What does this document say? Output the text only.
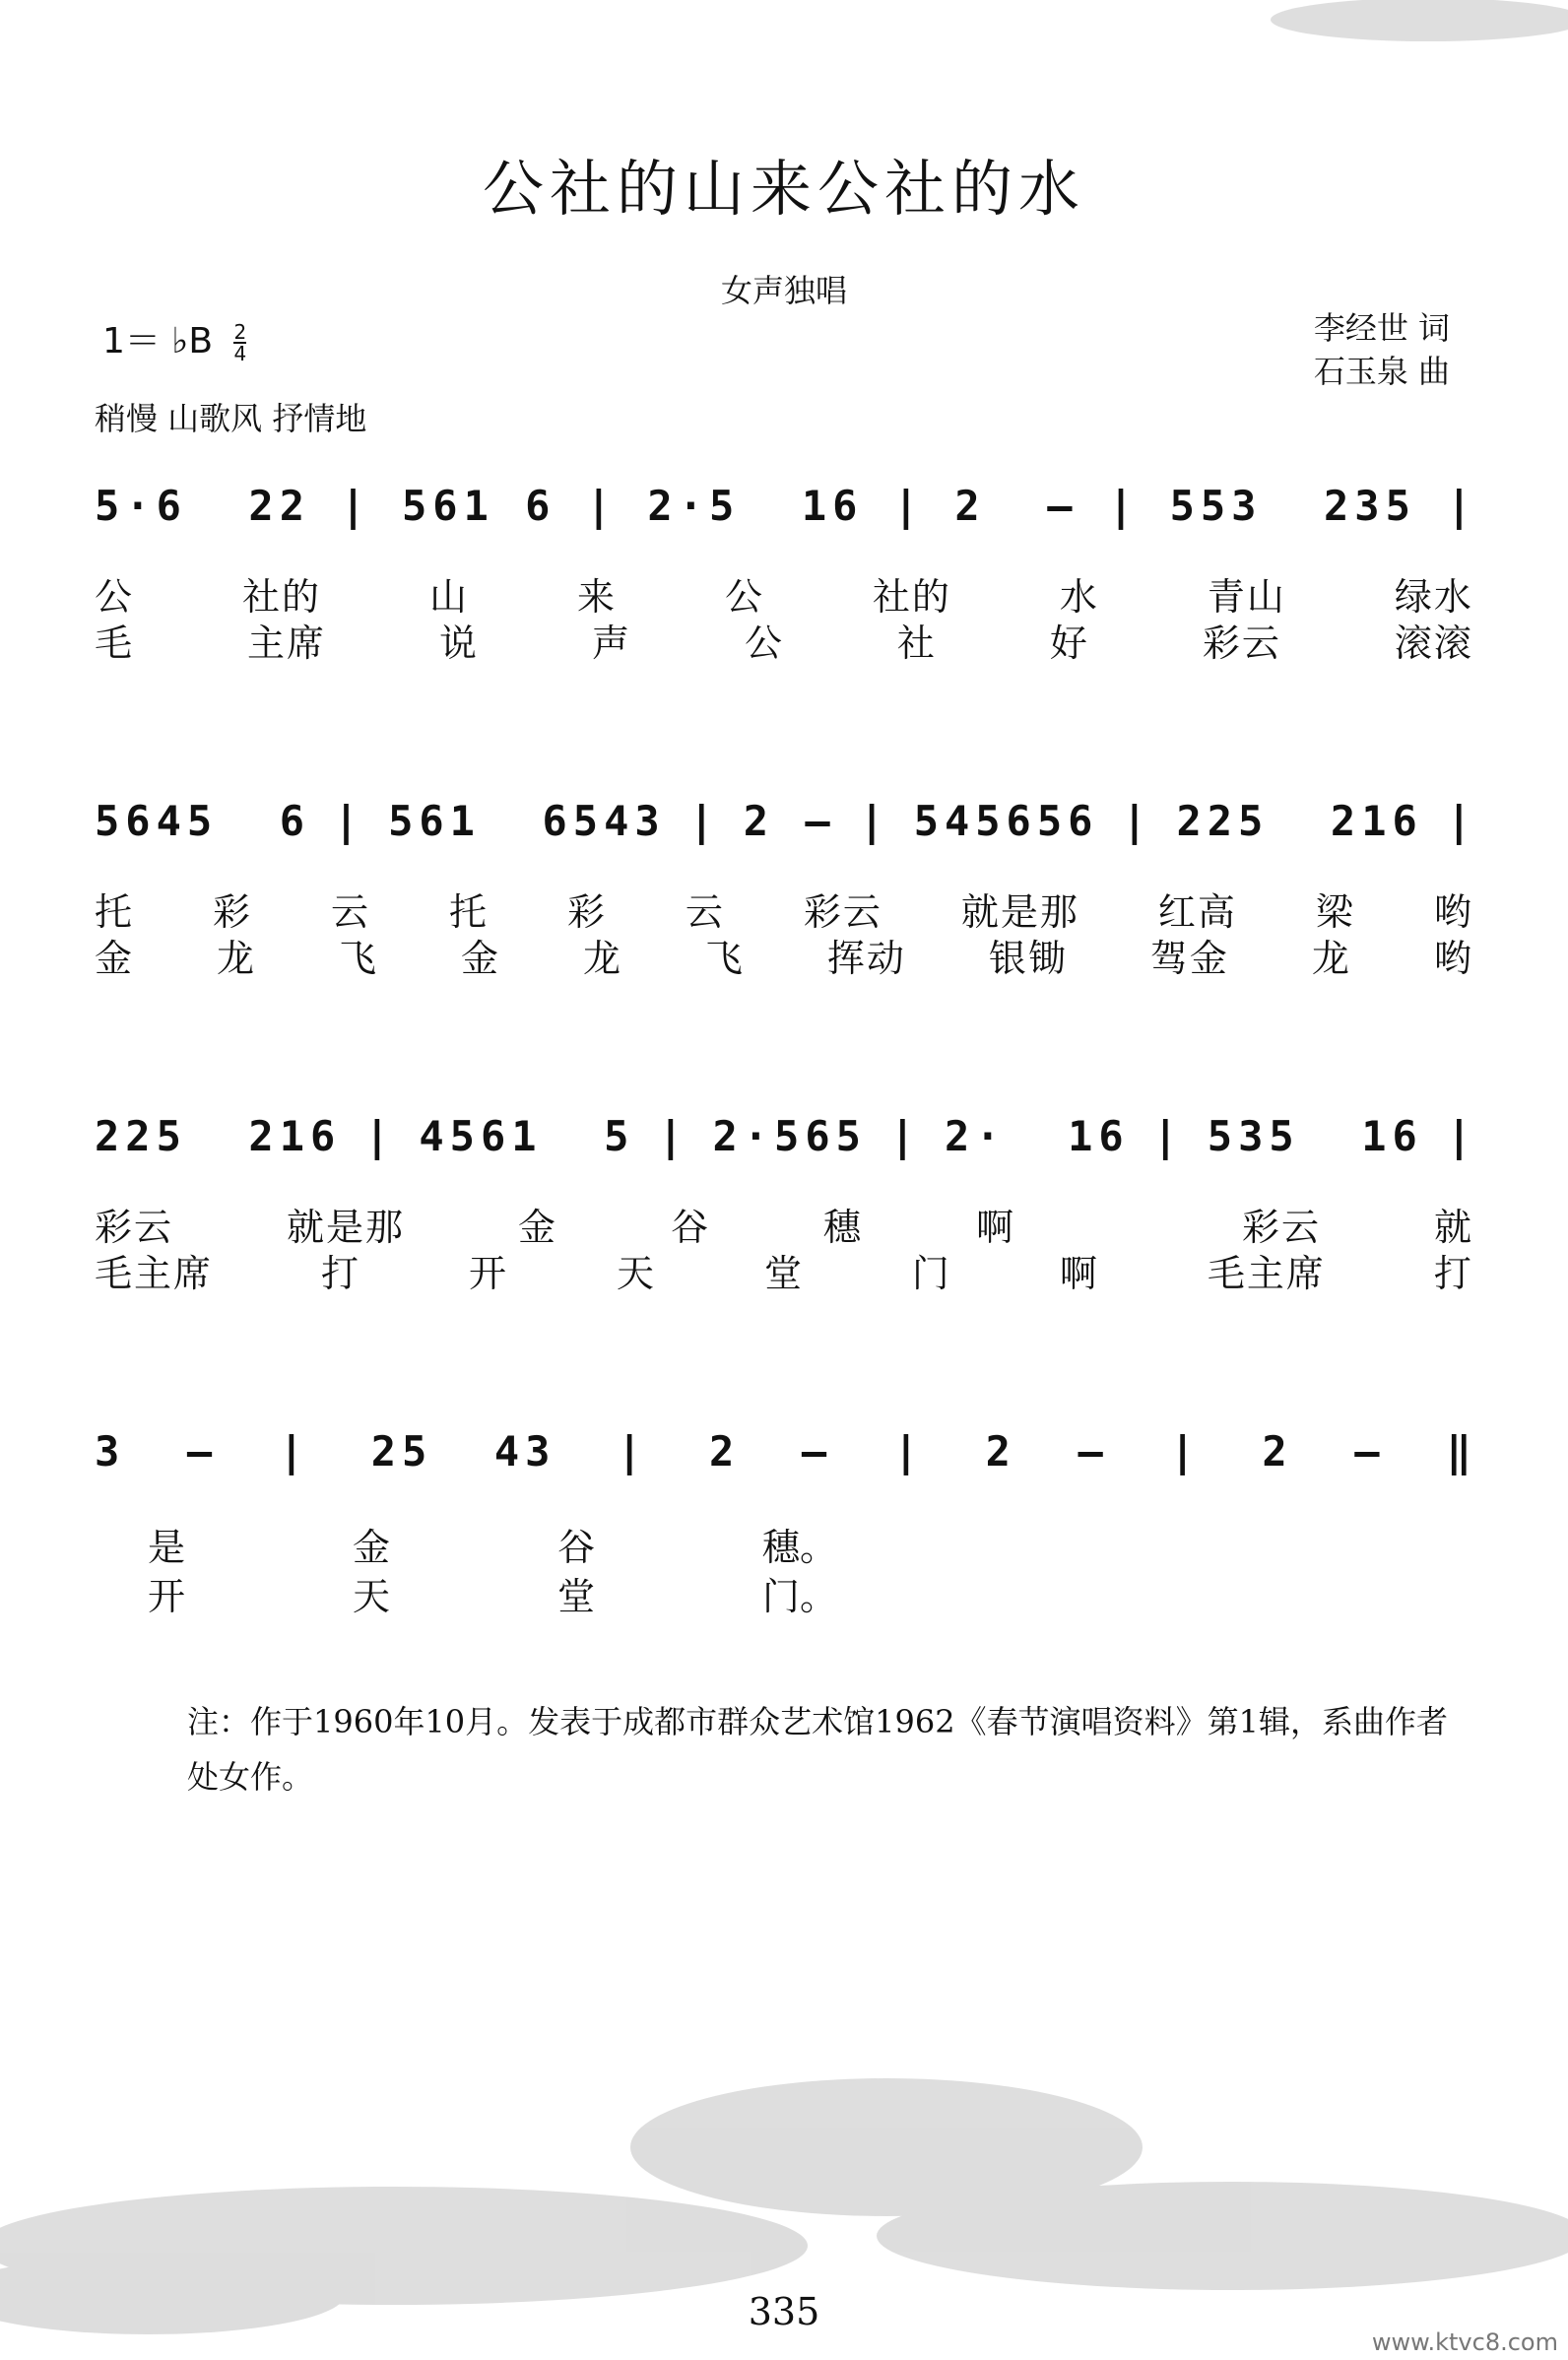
公社的山来公社的水
女声独唱
1＝ ♭B $\frac{2}{4}$	李经世 词
石玉泉 曲
稍慢 山歌风 抒情地
5·6  22 | 561 6 | 2·5  16 | 2  — | 553  235 |
公	社的	山	来	公	社的	水	青山	绿水
毛	主席	说	声	公	社	好	彩云	滚滚
5645  6 | 561  6543 | 2 — | 545656 | 225  216 |
托 彩 云 托 彩 云 彩云 就是那 红高 梁 哟
金 龙 飞 金 龙 飞 挥动 银锄 驾金 龙 哟
225  216 | 4561  5 | 2·565 | 2·  16 | 535  16 |
彩云	就是那	金	谷	穗	啊	彩云	就
毛主席	打	开	天	堂	门	啊	毛主席	打
3  — | 25  43 | 2  — | 2  — | 2  — ‖
是	金	谷	穗。
开	天	堂	门。
注：作于1960年10月。发表于成都市群众艺术馆1962《春节演唱资料》第1辑，系曲作者处女作。
335
www.ktvc8.com
